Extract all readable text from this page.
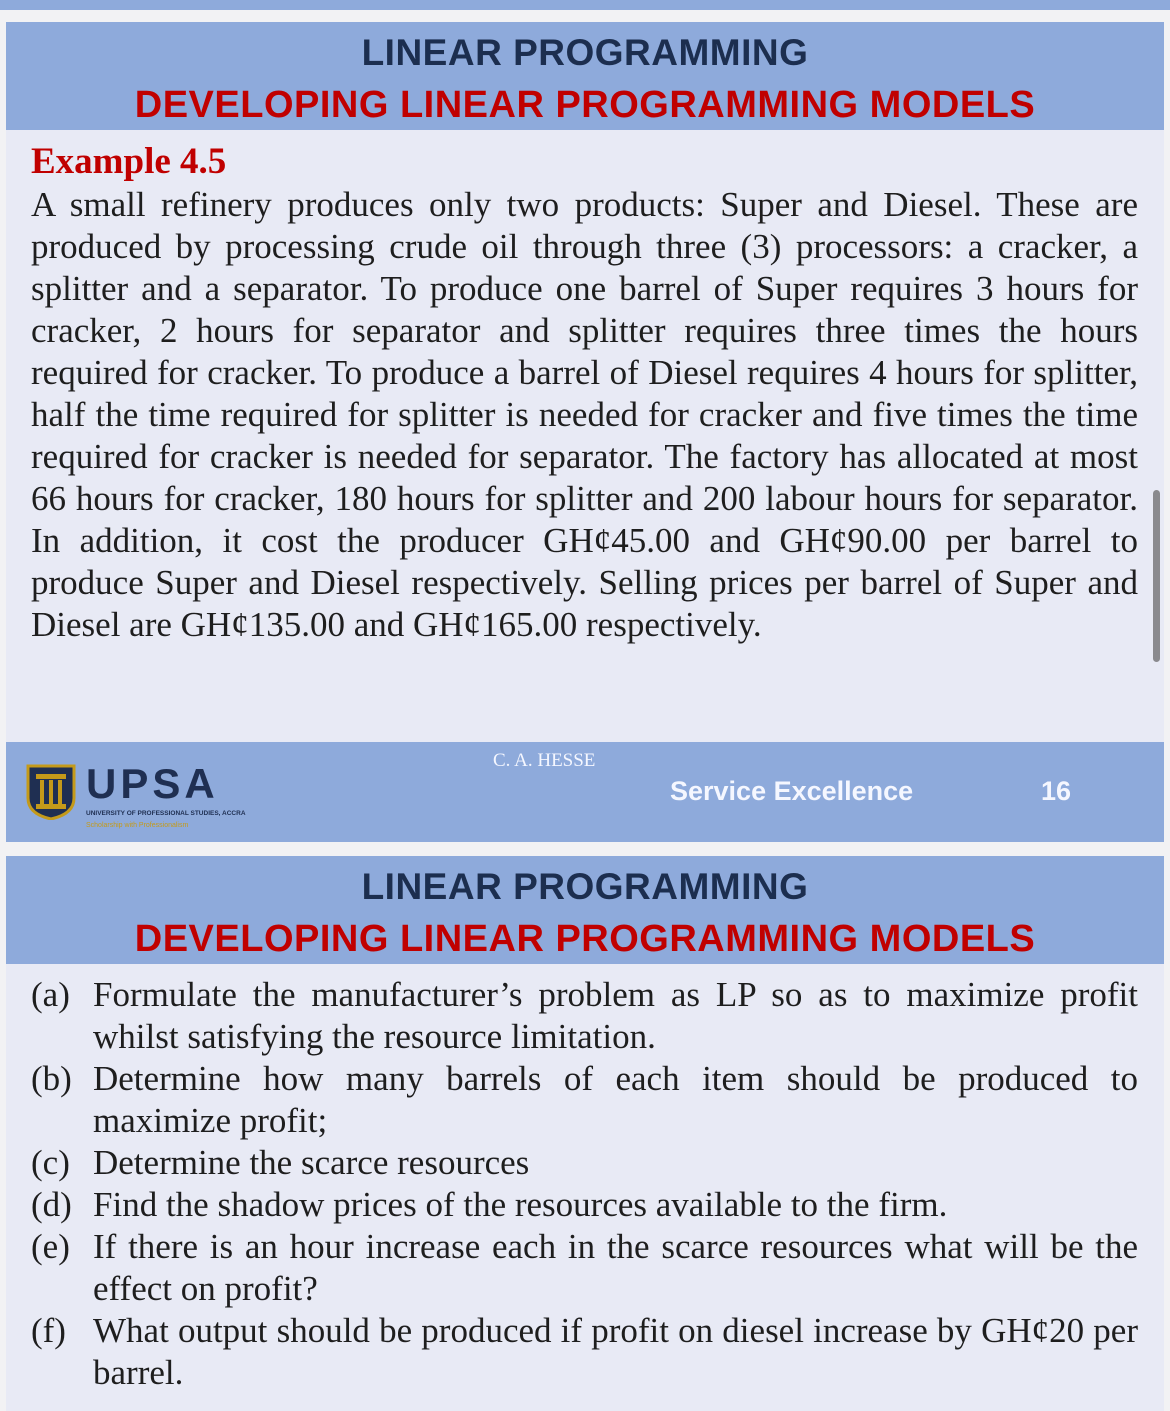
LINEAR PROGRAMMING
DEVELOPING LINEAR PROGRAMMING MODELS
Example 4.5
A small refinery produces only two products: Super and Diesel. These are produced by processing crude oil through three (3) processors: a cracker, a splitter and a separator. To produce one barrel of Super requires 3 hours for cracker, 2 hours for separator and splitter requires three times the hours required for cracker. To produce a barrel of Diesel requires 4 hours for splitter, half the time required for splitter is needed for cracker and five times the time required for cracker is needed for separator. The factory has allocated at most 66 hours for cracker, 180 hours for splitter and 200 labour hours for separator. In addition, it cost the producer GH¢45.00 and GH¢90.00 per barrel to produce Super and Diesel respectively. Selling prices per barrel of Super and Diesel are GH¢135.00 and GH¢165.00 respectively.
UPSA
UNIVERSITY OF PROFESSIONAL STUDIES, ACCRA
Scholarship with Professionalism
C. A. HESSE
Service Excellence	16
LINEAR PROGRAMMING
DEVELOPING LINEAR PROGRAMMING MODELS
(a) Formulate the manufacturer’s problem as LP so as to maximize profit whilst satisfying the resource limitation.
(b) Determine how many barrels of each item should be produced to maximize profit;
(c) Determine the scarce resources
(d) Find the shadow prices of the resources available to the firm.
(e) If there is an hour increase each in the scarce resources what will be the effect on profit?
(f) What output should be produced if profit on diesel increase by GH¢20 per barrel.
